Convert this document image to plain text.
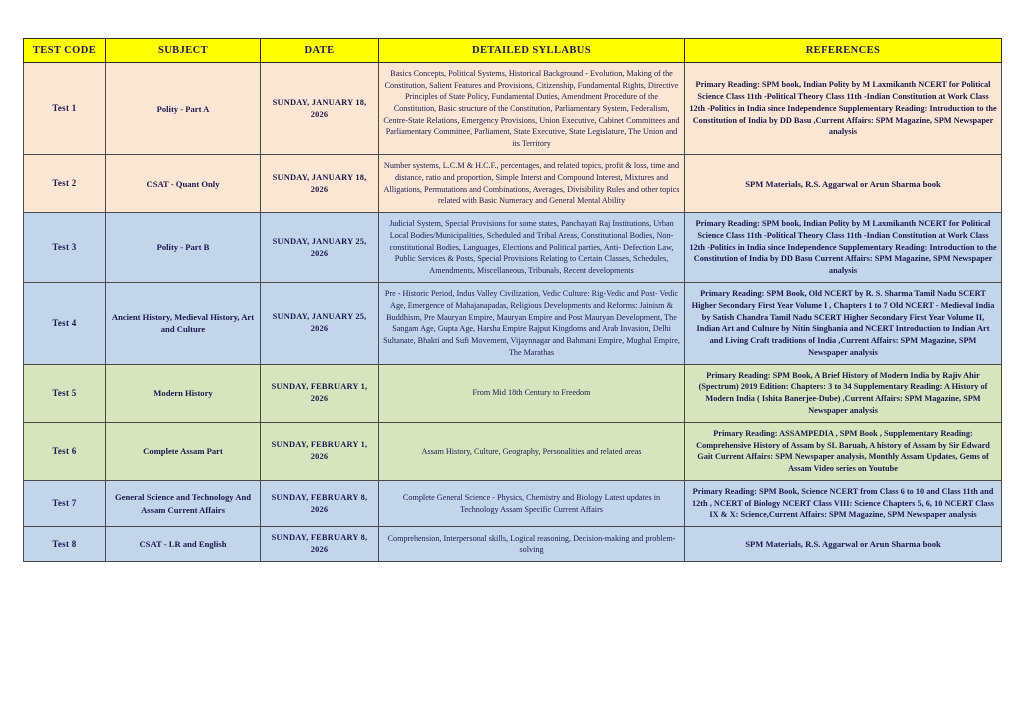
TEST CODE	SUBJECT	DATE	DETAILED SYLLABUS	REFERENCES
Test 1	Polity - Part A	SUNDAY, JANUARY 18, 2026	Basics Concepts, Political Systems, Historical Background - Evolution, Making of the Constitution, Salient Features and Provisions, Citizenship, Fundamental Rights, Directive Principles of State Policy, Fundamental Duties, Amendment Procedure of the Constitution, Basic structure of the Constitution, Parliamentary System, Federalism, Centre-State Relations, Emergency Provisions, Union Executive, Cabinet Committees and Parliamentary Committee, Parliament, State Executive, State Legislature, The Union and its Territory	Primary Reading: SPM book, Indian Polity by M Laxmikanth NCERT for Political Science Class 11th -Political Theory Class 11th -Indian Constitution at Work Class 12th -Politics in India since Independence Supplementary Reading: Introduction to the Constitution of India by DD Basu ,Current Affairs: SPM Magazine, SPM Newspaper analysis
Test 2	CSAT - Quant Only	SUNDAY, JANUARY 18, 2026	Number systems, L.C.M & H.C.F., percentages, and related topics, profit & loss, time and distance, ratio and proportion, Simple Interst and Compound Interest, Mixtures and Alligations, Permutations and Combinations, Averages, Divisibility Rules and other topics related with Basic Numeracy and General Mental Ability	SPM Materials, R.S. Aggarwal or Arun Sharma book
Test 3	Polity - Part B	SUNDAY, JANUARY 25, 2026	Judicial System, Special Provisions for some states, Panchayati Raj Institutions, Urban Local Bodies/Municipalities, Scheduled and Tribal Areas, Constitutional Bodies, Non-constitutional Bodies, Languages, Elections and Political parties, Anti- Defection Law, Public Services & Posts, Special Provisions Relating to Certain Classes, Schedules, Amendments, Miscellaneous, Tribunals, Recent developments	Primary Reading: SPM book, Indian Polity by M Laxmikanth NCERT for Political Science Class 11th -Political Theory Class 11th -Indian Constitution at Work Class 12th -Politics in India since Independence Supplementary Reading: Introduction to the Constitution of India by DD Basu Current Affairs: SPM Magazine, SPM Newspaper analysis
Test 4	Ancient History, Medieval History, Art and Culture	SUNDAY, JANUARY 25, 2026	Pre - Historic Period, Indus Valley Civilization, Vedic Culture: Rig-Vedic and Post- Vedic Age, Emergence of Mahajanapadas, Religious Developments and Reforms: Jainism & Buddhism, Pre Mauryan Empire, Mauryan Empire and Post Mauryan Development, The Sangam Age, Gupta Age, Harsha Empire Rajput Kingdoms and Arab Invasion, Delhi Sultanate, Bhakti and Sufi Movement, Vijaynnagar and Bahmani Empire, Mughal Empire, The Marathas	Primary Reading: SPM Book, Old NCERT by R. S. Sharma Tamil Nadu SCERT Higher Secondary First Year Volume I , Chapters 1 to 7 Old NCERT - Medieval India by Satish Chandra Tamil Nadu SCERT Higher Secondary First Year Volume II, Indian Art and Culture by Nitin Singhania and NCERT Introduction to Indian Art and Living Craft traditions of India ,Current Affairs: SPM Magazine, SPM Newspaper analysis
Test 5	Modern History	SUNDAY, FEBRUARY 1, 2026	From Mid 18th Century to Freedom	Primary Reading: SPM Book, A Brief History of Modern India by Rajiv Ahir (Spectrum) 2019 Edition: Chapters: 3 to 34 Supplementary Reading: A History of Modern India ( Ishita Banerjee-Dube) ,Current Affairs: SPM Magazine, SPM Newspaper analysis
Test 6	Complete Assam Part	SUNDAY, FEBRUARY 1, 2026	Assam History, Culture, Geography, Personalities and related areas	Primary Reading: ASSAMPEDIA , SPM Book , Supplementary Reading: Comprehensive History of Assam by SL Baruah, A history of Assam by Sir Edward Gait Current Affairs: SPM Newspaper analysis, Monthly Assam Updates, Gems of Assam Video series on Youtube
Test 7	General Science and Technology And Assam Current Affairs	SUNDAY, FEBRUARY 8, 2026	Complete General Science - Physics, Chemistry and Biology Latest updates in Technology Assam Specific Current Affairs	Primary Reading: SPM Book, Science NCERT from Class 6 to 10 and Class 11th and 12th , NCERT of Biology NCERT Class VIII: Science Chapters 5, 6, 10 NCERT Class IX & X: Science,Current Affairs: SPM Magazine, SPM Newspaper analysis
Test 8	CSAT - LR and English	SUNDAY, FEBRUARY 8, 2026	Comprehension, Interpersonal skills, Logical reasoning, Decision-making and problem-solving	SPM Materials, R.S. Aggarwal or Arun Sharma book
